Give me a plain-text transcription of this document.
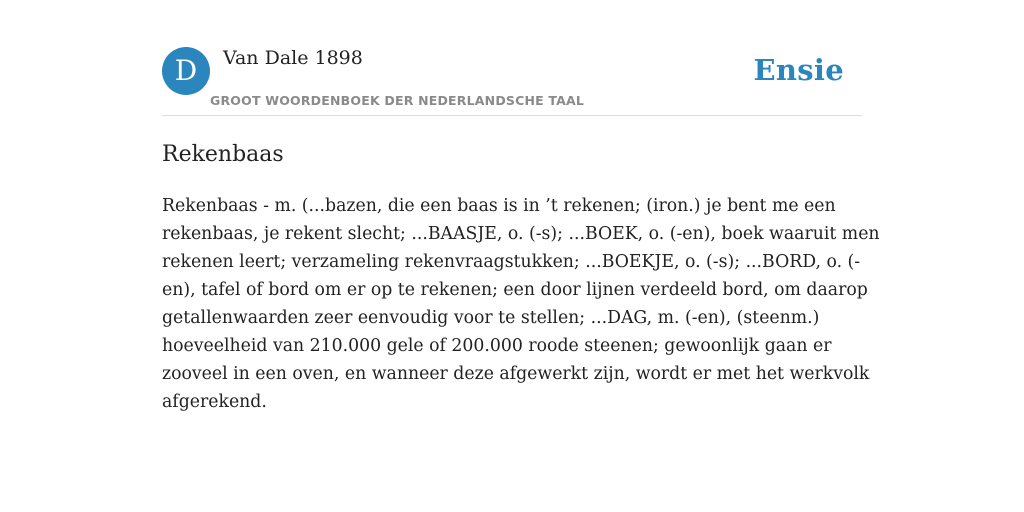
D	Van Dale 1898
GROOT WOORDENBOEK DER NEDERLANDSCHE TAAL
Ensie
Rekenbaas
Rekenbaas - m. (...bazen, die een baas is in ’t rekenen; (iron.) je bent me een
rekenbaas, je rekent slecht; ...BAASJE, o. (-s); ...BOEK, o. (-en), boek waaruit men
rekenen leert; verzameling rekenvraagstukken; ...BOEKJE, o. (-s); ...BORD, o. (-
en), tafel of bord om er op te rekenen; een door lijnen verdeeld bord, om daarop
getallenwaarden zeer eenvoudig voor te stellen; ...DAG, m. (-en), (steenm.)
hoeveelheid van 210.000 gele of 200.000 roode steenen; gewoonlijk gaan er
zooveel in een oven, en wanneer deze afgewerkt zijn, wordt er met het werkvolk
afgerekend.
